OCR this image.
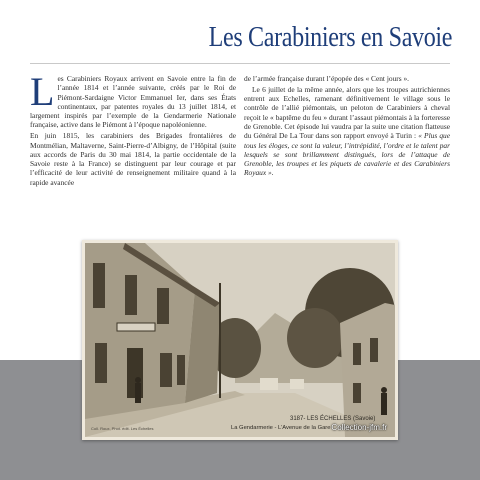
Les Carabiniers en Savoie

Les Carabiniers Royaux arrivent en Savoie entre la fin de l’année 1814 et l’année suivante, créés par le Roi de Piémont-Sardaigne Victor Emmanuel Ier, dans ses États continentaux, par patentes royales du 13 juillet 1814, et largement inspirés par l’exemple de la Gendarmerie Nationale française, active dans le Piémont à l’époque napoléonienne.

En juin 1815, les carabiniers des Brigades frontalières de Montmélian, Maltaverne, Saint-Pierre-d’Albigny, de l’Hôpital (suite aux accords de Paris du 30 mai 1814, la partie occidentale de la Savoie reste à la France) se distinguent par leur courage et par l’efficacité de leur activité de renseignement militaire quand à la rapide avancée

de l’armée française durant l’épopée des « Cent jours ».

Le 6 juillet de la même année, alors que les troupes autrichiennes entrent aux Echelles, ramenant définitivement le village sous le contrôle de l’allié piémontais, un peloton de Carabiniers à cheval reçoit le « baptême du feu » durant l’assaut piémontais à la forteresse de Grenoble. Cet épisode lui vaudra par la suite une citation flatteuse du Général De La Tour dans son rapport envoyé à Turin : « Plus que tous les éloges, ce sont la valeur, l’intrépidité, l’ordre et le talent par lesquels se sont brillamment distingués, lors de l’attaque de Grenoble, les troupes et les piquets de cavalerie et des Carabiniers Royaux ».

Coll. Roux, Phot. édit. Les Échelles
3187- LES ÉCHELLES (Savoie)
La Gendarmerie - L’Avenue de la Gare Collection-jfm.fr
